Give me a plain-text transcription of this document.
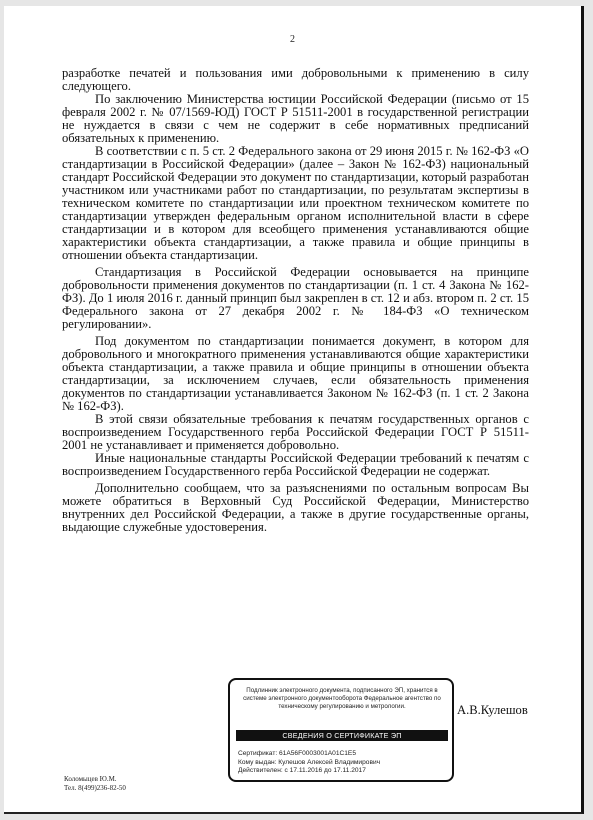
2

разработке печатей и пользования ими добровольными к применению в силу следующего.

По заключению Министерства юстиции Российской Федерации (письмо от 15 февраля 2002 г. № 07/1569-ЮД) ГОСТ Р 51511-2001 в государственной регистрации не нуждается в связи с чем не содержит в себе нормативных предписаний обязательных к применению.

В соответствии с п. 5 ст. 2 Федерального закона от 29 июня 2015 г. № 162-ФЗ «О стандартизации в Российской Федерации» (далее – Закон № 162-ФЗ) национальный стандарт Российской Федерации это документ по стандартизации, который разработан участником или участниками работ по стандартизации, по результатам экспертизы в техническом комитете по стандартизации или проектном техническом комитете по стандартизации утвержден федеральным органом исполнительной власти в сфере стандартизации и в котором для всеобщего применения устанавливаются общие характеристики объекта стандартизации, а также правила и общие принципы в отношении объекта стандартизации.

Стандартизация в Российской Федерации основывается на принципе добровольности применения документов по стандартизации (п. 1 ст. 4 Закона № 162-ФЗ). До 1 июля 2016 г. данный принцип был закреплен в ст. 12 и абз. втором п. 2 ст. 15 Федерального закона от 27 декабря 2002 г. № 184-ФЗ «О техническом регулировании».

Под документом по стандартизации понимается документ, в котором для добровольного и многократного применения устанавливаются общие характеристики объекта стандартизации, а также правила и общие принципы в отношении объекта стандартизации, за исключением случаев, если обязательность применения документов по стандартизации устанавливается Законом № 162-ФЗ (п. 1 ст. 2 Закона № 162-ФЗ).

В этой связи обязательные требования к печатям государственных органов с воспроизведением Государственного герба Российской Федерации ГОСТ Р 51511-2001 не устанавливает и применяется добровольно.

Иные национальные стандарты Российской Федерации требований к печатям с воспроизведением Государственного герба Российской Федерации не содержат.

Дополнительно сообщаем, что за разъяснениями по остальным вопросам Вы можете обратиться в Верховный Суд Российской Федерации, Министерство внутренних дел Российской Федерации, а также в другие государственные органы, выдающие служебные удостоверения.

Подлинник электронного документа, подписанного ЭП, хранится в системе электронного документооборота Федеральное агентство по техническому регулированию и метрологии.
СВЕДЕНИЯ О СЕРТИФИКАТЕ ЭП
Сертификат: 61A56F0003001A01C1E5
Кому выдан: Кулешов Алексей Владимирович
Действителен: с 17.11.2016 до 17.11.2017
А.В.Кулешов
Коломыцев Ю.М.
Тел. 8(499)236-82-50
